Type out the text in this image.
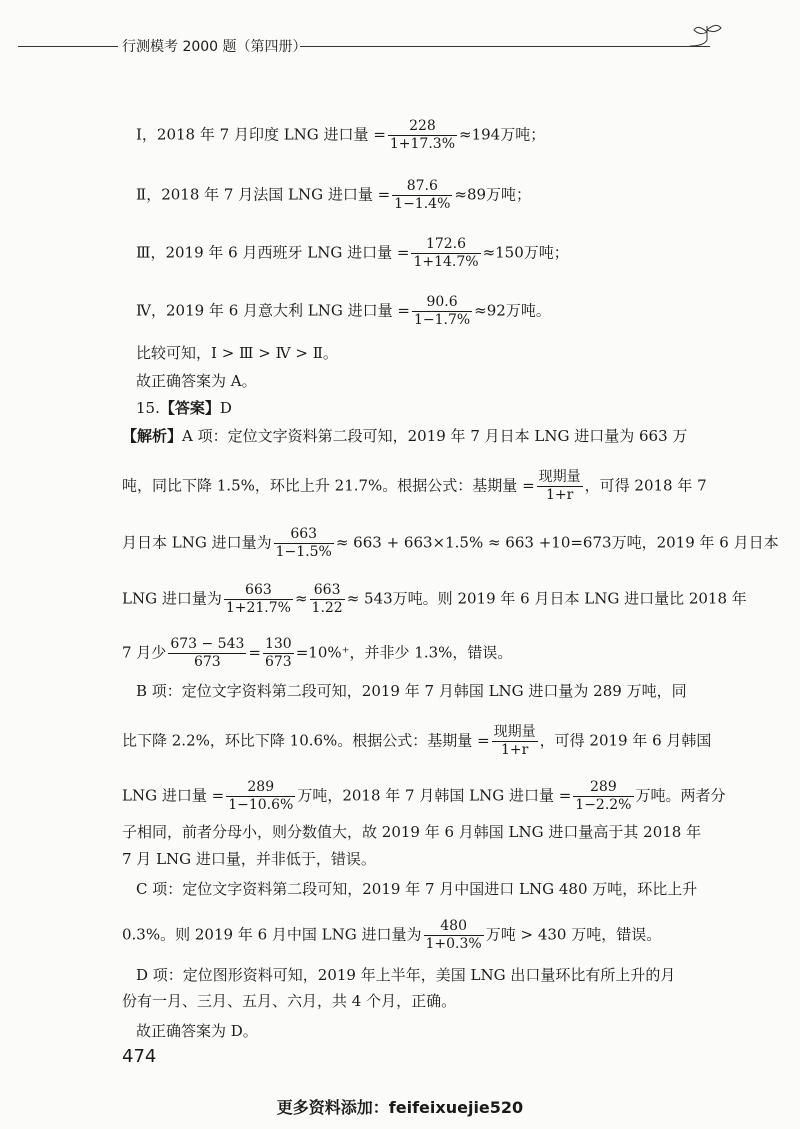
行测模考 2000 题（第四册）
Ⅰ，2018 年 7 月印度 LNG 进口量 = $\frac{228}{1+17.3\%} \approx 194$万吨；
Ⅱ，2018 年 7 月法国 LNG 进口量 = $\frac{87.6}{1-1.4\%} \approx 89$万吨；
Ⅲ，2019 年 6 月西班牙 LNG 进口量 = $\frac{172.6}{1+14.7\%} \approx 150$万吨；
Ⅳ，2019 年 6 月意大利 LNG 进口量 = $\frac{90.6}{1-1.7\%} \approx 92$万吨。
比较可知，Ⅰ > Ⅲ > Ⅳ > Ⅱ。
故正确答案为 A。
15.【答案】D
【解析】A 项：定位文字资料第二段可知，2019 年 7 月日本 LNG 进口量为 663 万
吨，同比下降 1.5%，环比上升 21.7%。根据公式：基期量 = $\frac{\text{现期量}}{1+r}$ ，可得 2018 年 7
月日本 LNG 进口量为 $\frac{663}{1-1.5\%} \approx 663 + 663\times 1.5\% \approx 663 +10=673$万吨，2019 年 6 月日本
LNG 进口量为 $\frac{663}{1+21.7\%} \approx \frac{663}{1.22} \approx 543$万吨。则 2019 年 6 月日本 LNG 进口量比 2018 年
7 月少 $\frac{673 - 543}{673} = \frac{130}{673} =10\%^+$，并非少 1.3%，错误。
B 项：定位文字资料第二段可知，2019 年 7 月韩国 LNG 进口量为 289 万吨，同
比下降 2.2%，环比下降 10.6%。根据公式：基期量 = $\frac{\text{现期量}}{1+r}$ ，可得 2019 年 6 月韩国
LNG 进口量 = $\frac{289}{1-10.6\%}$ 万吨，2018 年 7 月韩国 LNG 进口量 = $\frac{289}{1-2.2\%}$ 万吨。两者分
子相同，前者分母小，则分数值大，故 2019 年 6 月韩国 LNG 进口量高于其 2018 年
7 月 LNG 进口量，并非低于，错误。
C 项：定位文字资料第二段可知，2019 年 7 月中国进口 LNG 480 万吨，环比上升
0.3%。则 2019 年 6 月中国 LNG 进口量为 $\frac{480}{1+0.3\%}$ 万吨 > 430 万吨，错误。
D 项：定位图形资料可知，2019 年上半年，美国 LNG 出口量环比有所上升的月
份有一月、三月、五月、六月，共 4 个月，正确。
故正确答案为 D。
474
更多资料添加：feifeixuejie520
